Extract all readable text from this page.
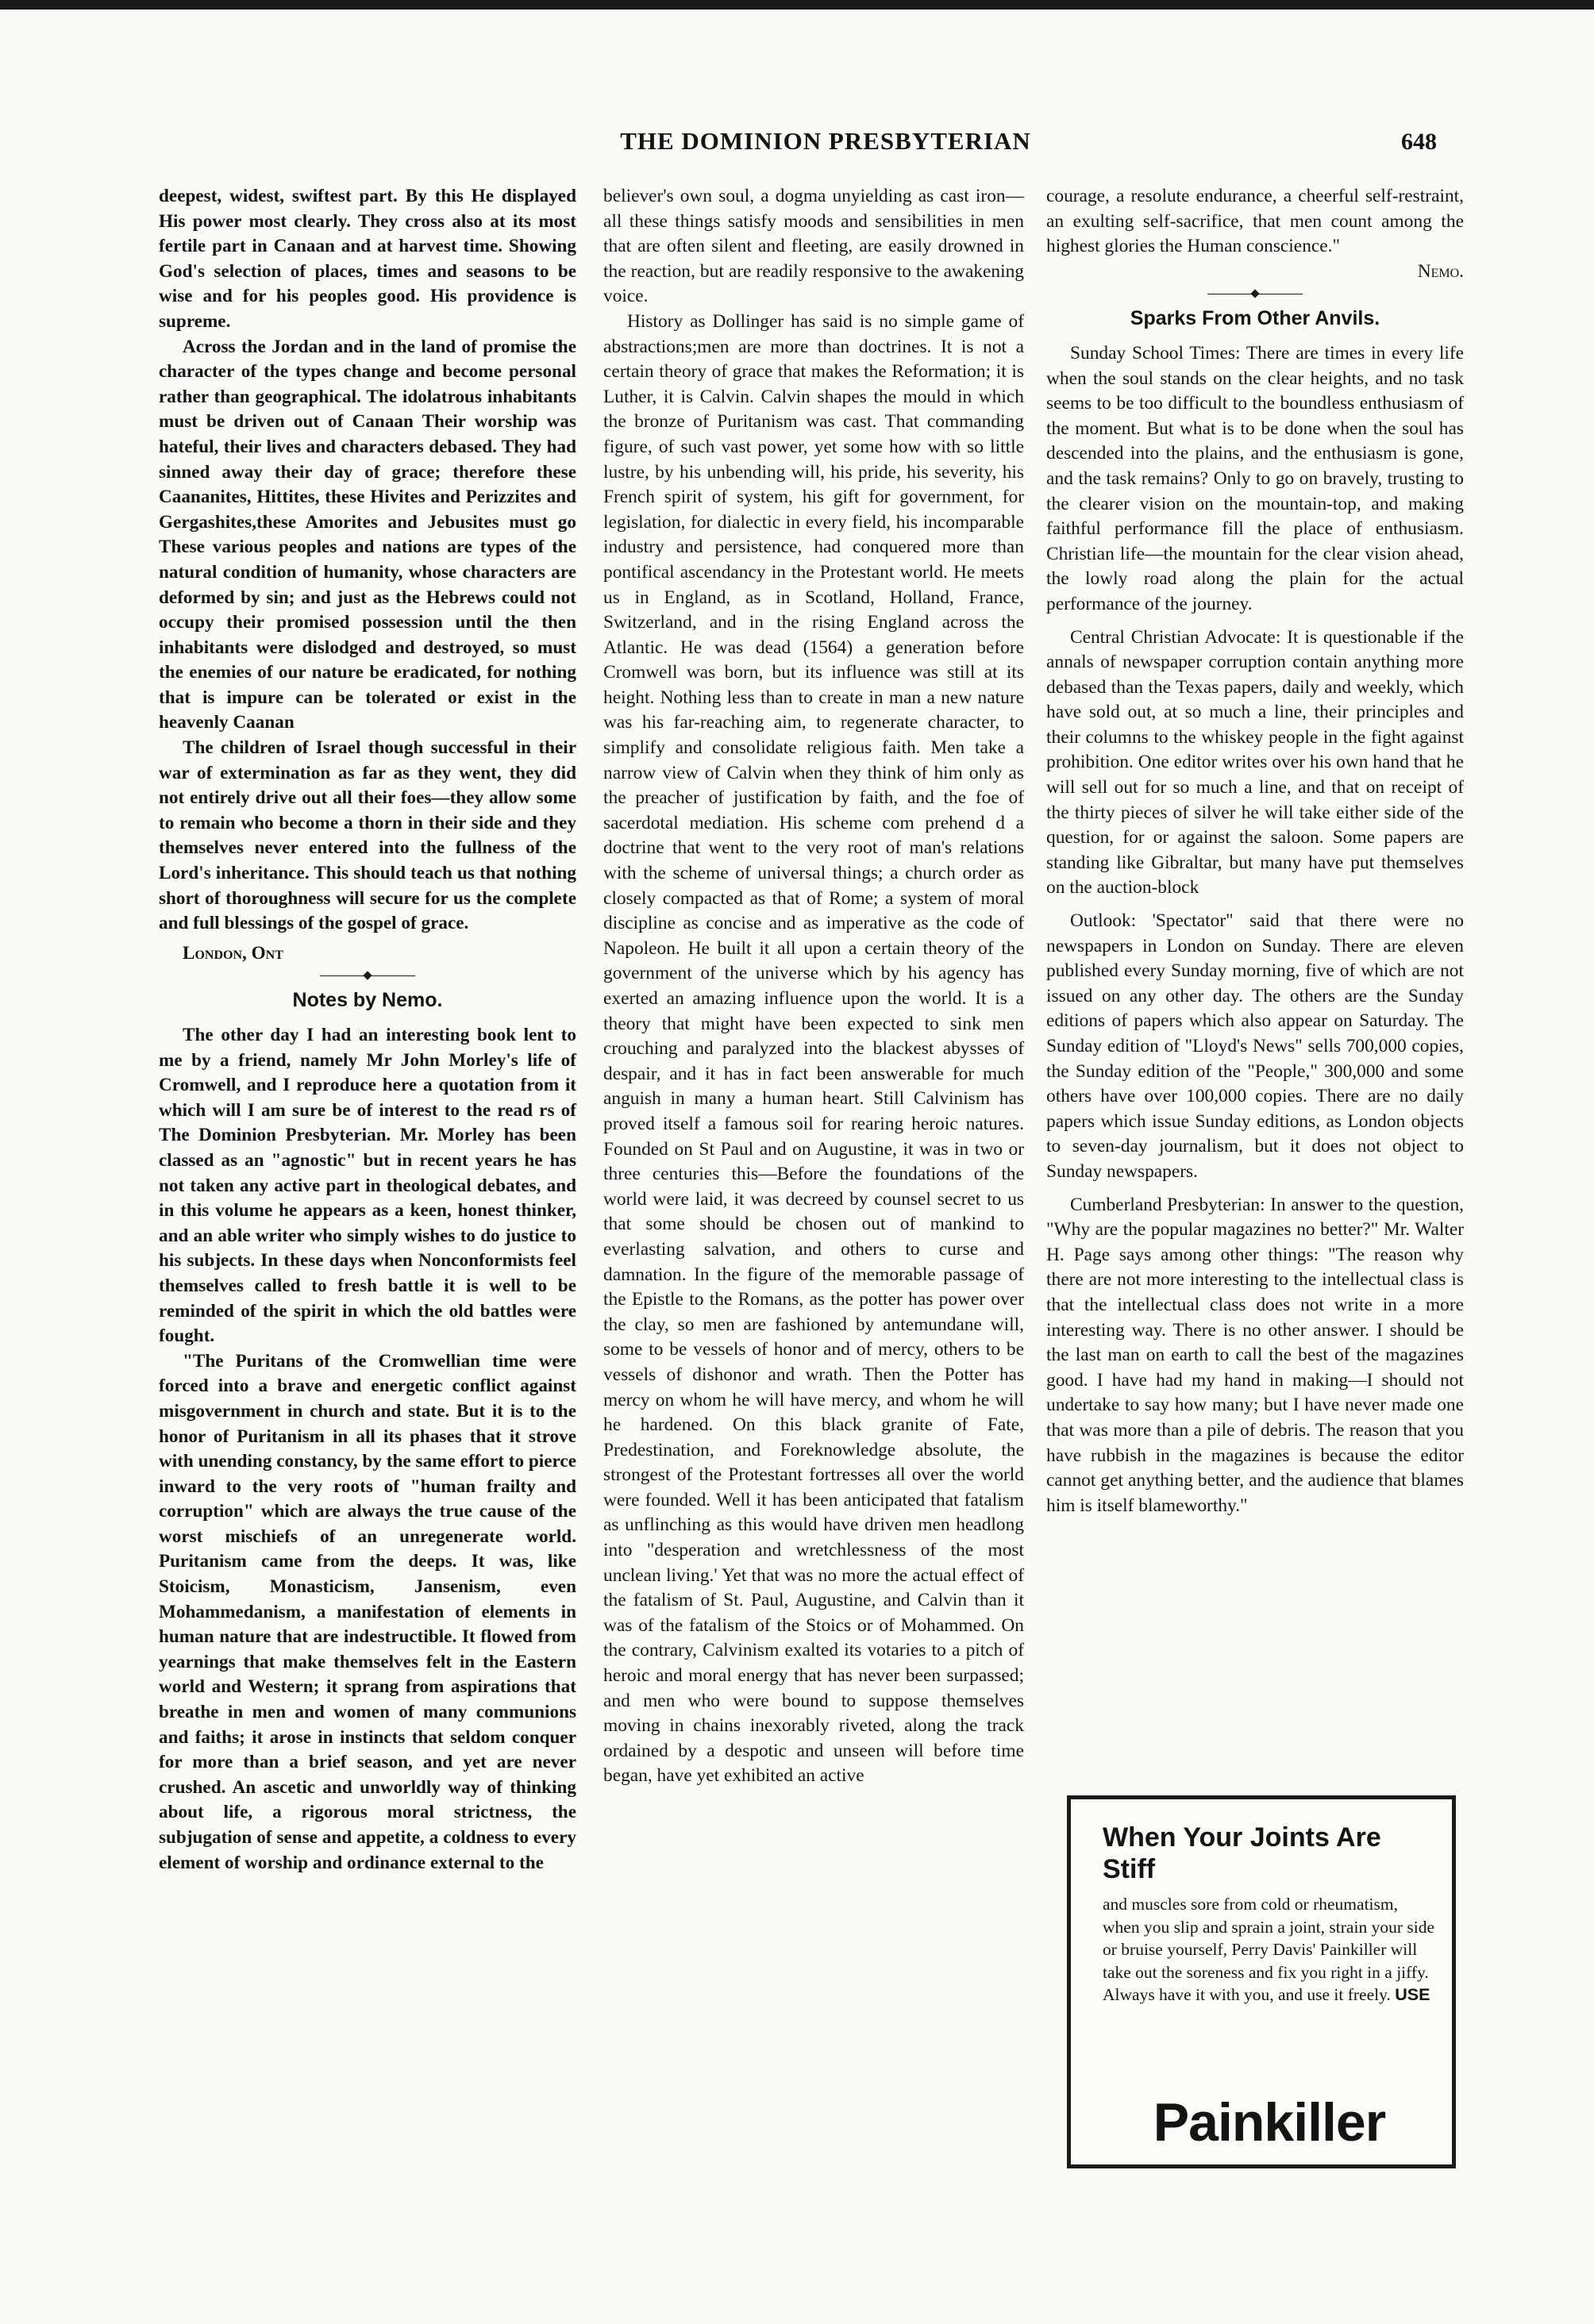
THE DOMINION PRESBYTERIAN	648

deepest, widest, swiftest part. By this He displayed His power most clearly. They cross also at its most fertile part in Canaan and at harvest time. Showing God's selection of places, times and seasons to be wise and for his peoples good. His providence is supreme.

Across the Jordan and in the land of promise the character of the types change and become personal rather than geographical. The idolatrous inhabitants must be driven out of Canaan Their worship was hateful, their lives and characters debased. They had sinned away their day of grace; therefore these Caananites, Hittites, these Hivites and Perizzites and Gergashites,these Amorites and Jebusites must go These various peoples and nations are types of the natural condition of humanity, whose characters are deformed by sin; and just as the Hebrews could not occupy their promised possession until the then inhabitants were dislodged and destroyed, so must the enemies of our nature be eradicated, for nothing that is impure can be tolerated or exist in the heavenly Caanan

The children of Israel though successful in their war of extermination as far as they went, they did not entirely drive out all their foes—they allow some to remain who become a thorn in their side and they themselves never entered into the fullness of the Lord's inheritance. This should teach us that nothing short of thoroughness will secure for us the complete and full blessings of the gospel of grace.

London, Ont

Notes by Nemo.

The other day I had an interesting book lent to me by a friend, namely Mr John Morley's life of Cromwell, and I reproduce here a quotation from it which will I am sure be of interest to the read rs of The Dominion Presbyterian. Mr. Morley has been classed as an "agnostic" but in recent years he has not taken any active part in theological debates, and in this volume he appears as a keen, honest thinker, and an able writer who simply wishes to do justice to his subjects. In these days when Nonconformists feel themselves called to fresh battle it is well to be reminded of the spirit in which the old battles were fought.

"The Puritans of the Cromwellian time were forced into a brave and energetic conflict against misgovernment in church and state. But it is to the honor of Puritanism in all its phases that it strove with unending constancy, by the same effort to pierce inward to the very roots of "human frailty and corruption" which are always the true cause of the worst mischiefs of an unregenerate world. Puritanism came from the deeps. It was, like Stoicism, Monasticism, Jansenism, even Mohammedanism, a manifestation of elements in human nature that are indestructible. It flowed from yearnings that make themselves felt in the Eastern world and Western; it sprang from aspirations that breathe in men and women of many communions and faiths; it arose in instincts that seldom conquer for more than a brief season, and yet are never crushed. An ascetic and unworldly way of thinking about life, a rigorous moral strictness, the subjugation of sense and appetite, a coldness to every element of worship and ordinance external to the

believer's own soul, a dogma unyielding as cast iron—all these things satisfy moods and sensibilities in men that are often silent and fleeting, are easily drowned in the reaction, but are readily responsive to the awakening voice.

History as Dollinger has said is no simple game of abstractions;men are more than doctrines. It is not a certain theory of grace that makes the Reformation; it is Luther, it is Calvin. Calvin shapes the mould in which the bronze of Puritanism was cast. That commanding figure, of such vast power, yet some how with so little lustre, by his unbending will, his pride, his severity, his French spirit of system, his gift for government, for legislation, for dialectic in every field, his incomparable industry and persistence, had conquered more than pontifical ascendancy in the Protestant world. He meets us in England, as in Scotland, Holland, France, Switzerland, and in the rising England across the Atlantic. He was dead (1564) a generation before Cromwell was born, but its influence was still at its height. Nothing less than to create in man a new nature was his far-reaching aim, to regenerate character, to simplify and consolidate religious faith. Men take a narrow view of Calvin when they think of him only as the preacher of justification by faith, and the foe of sacerdotal mediation. His scheme com prehend d a doctrine that went to the very root of man's relations with the scheme of universal things; a church order as closely compacted as that of Rome; a system of moral discipline as concise and as imperative as the code of Napoleon. He built it all upon a certain theory of the government of the universe which by his agency has exerted an amazing influence upon the world. It is a theory that might have been expected to sink men crouching and paralyzed into the blackest abysses of despair, and it has in fact been answerable for much anguish in many a human heart. Still Calvinism has proved itself a famous soil for rearing heroic natures. Founded on St Paul and on Augustine, it was in two or three centuries this—Before the foundations of the world were laid, it was decreed by counsel secret to us that some should be chosen out of mankind to everlasting salvation, and others to curse and damnation. In the figure of the memorable passage of the Epistle to the Romans, as the potter has power over the clay, so men are fashioned by antemundane will, some to be vessels of honor and of mercy, others to be vessels of dishonor and wrath. Then the Potter has mercy on whom he will have mercy, and whom he will he hardened. On this black granite of Fate, Predestination, and Foreknowledge absolute, the strongest of the Protestant fortresses all over the world were founded. Well it has been anticipated that fatalism as unflinching as this would have driven men headlong into "desperation and wretchlessness of the most unclean living.' Yet that was no more the actual effect of the fatalism of St. Paul, Augustine, and Calvin than it was of the fatalism of the Stoics or of Mohammed. On the contrary, Calvinism exalted its votaries to a pitch of heroic and moral energy that has never been surpassed; and men who were bound to suppose themselves moving in chains inexorably riveted, along the track ordained by a despotic and unseen will before time began, have yet exhibited an active

courage, a resolute endurance, a cheerful self-restraint, an exulting self-sacrifice, that men count among the highest glories the Human conscience."

Nemo.

Sparks From Other Anvils.

Sunday School Times: There are times in every life when the soul stands on the clear heights, and no task seems to be too difficult to the boundless enthusiasm of the moment. But what is to be done when the soul has descended into the plains, and the enthusiasm is gone, and the task remains? Only to go on bravely, trusting to the clearer vision on the mountain-top, and making faithful performance fill the place of enthusiasm. Christian life—the mountain for the clear vision ahead, the lowly road along the plain for the actual performance of the journey.

Central Christian Advocate: It is questionable if the annals of newspaper corruption contain anything more debased than the Texas papers, daily and weekly, which have sold out, at so much a line, their principles and their columns to the whiskey people in the fight against prohibition. One editor writes over his own hand that he will sell out for so much a line, and that on receipt of the thirty pieces of silver he will take either side of the question, for or against the saloon. Some papers are standing like Gibraltar, but many have put themselves on the auction-block

Outlook: 'Spectator" said that there were no newspapers in London on Sunday. There are eleven published every Sunday morning, five of which are not issued on any other day. The others are the Sunday editions of papers which also appear on Saturday. The Sunday edition of "Lloyd's News" sells 700,000 copies, the Sunday edition of the "People," 300,000 and some others have over 100,000 copies. There are no daily papers which issue Sunday editions, as London objects to seven-day journalism, but it does not object to Sunday newspapers.

Cumberland Presbyterian: In answer to the question, "Why are the popular magazines no better?" Mr. Walter H. Page says among other things: "The reason why there are not more interesting to the intellectual class is that the intellectual class does not write in a more interesting way. There is no other answer. I should be the last man on earth to call the best of the magazines good. I have had my hand in making—I should not undertake to say how many; but I have never made one that was more than a pile of debris. The reason that you have rubbish in the magazines is because the editor cannot get anything better, and the audience that blames him is itself blameworthy."

When Your Joints Are Stiff
and muscles sore from cold or rheumatism, when you slip and sprain a joint, strain your side or bruise yourself, Perry Davis' Painkiller will take out the soreness and fix you right in a jiffy. Always have it with you, and use it freely. USE
Painkiller
